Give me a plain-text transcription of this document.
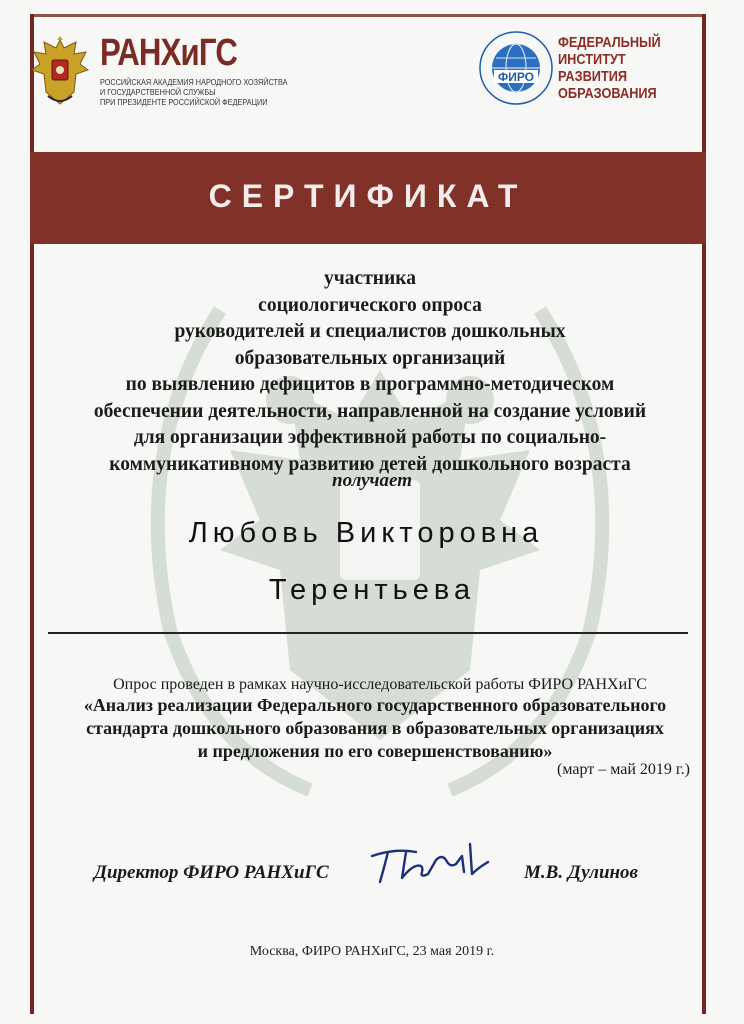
РАНХиГС
РОССИЙСКАЯ АКАДЕМИЯ НАРОДНОГО ХОЗЯЙСТВА
И ГОСУДАРСТВЕННОЙ СЛУЖБЫ
ПРИ ПРЕЗИДЕНТЕ РОССИЙСКОЙ ФЕДЕРАЦИИ
ФИРО
ФЕДЕРАЛЬНЫЙ
ИНСТИТУТ
РАЗВИТИЯ
ОБРАЗОВАНИЯ
СЕРТИФИКАТ
участника
социологического опроса
руководителей и специалистов дошкольных
образовательных организаций
по выявлению дефицитов в программно-методическом
обеспечении деятельности, направленной на создание условий
для организации эффективной работы по социально-
коммуникативному развитию детей дошкольного возраста
получает
Любовь Викторовна
Терентьева
Опрос проведен в рамках научно-исследовательской работы ФИРО РАНХиГС
«Анализ реализации Федерального государственного образовательного
стандарта дошкольного образования в образовательных организациях
и предложения по его совершенствованию»
(март – май 2019 г.)
Директор ФИРО РАНХиГС	М.В. Дулинов
Москва, ФИРО РАНХиГС, 23 мая 2019 г.
